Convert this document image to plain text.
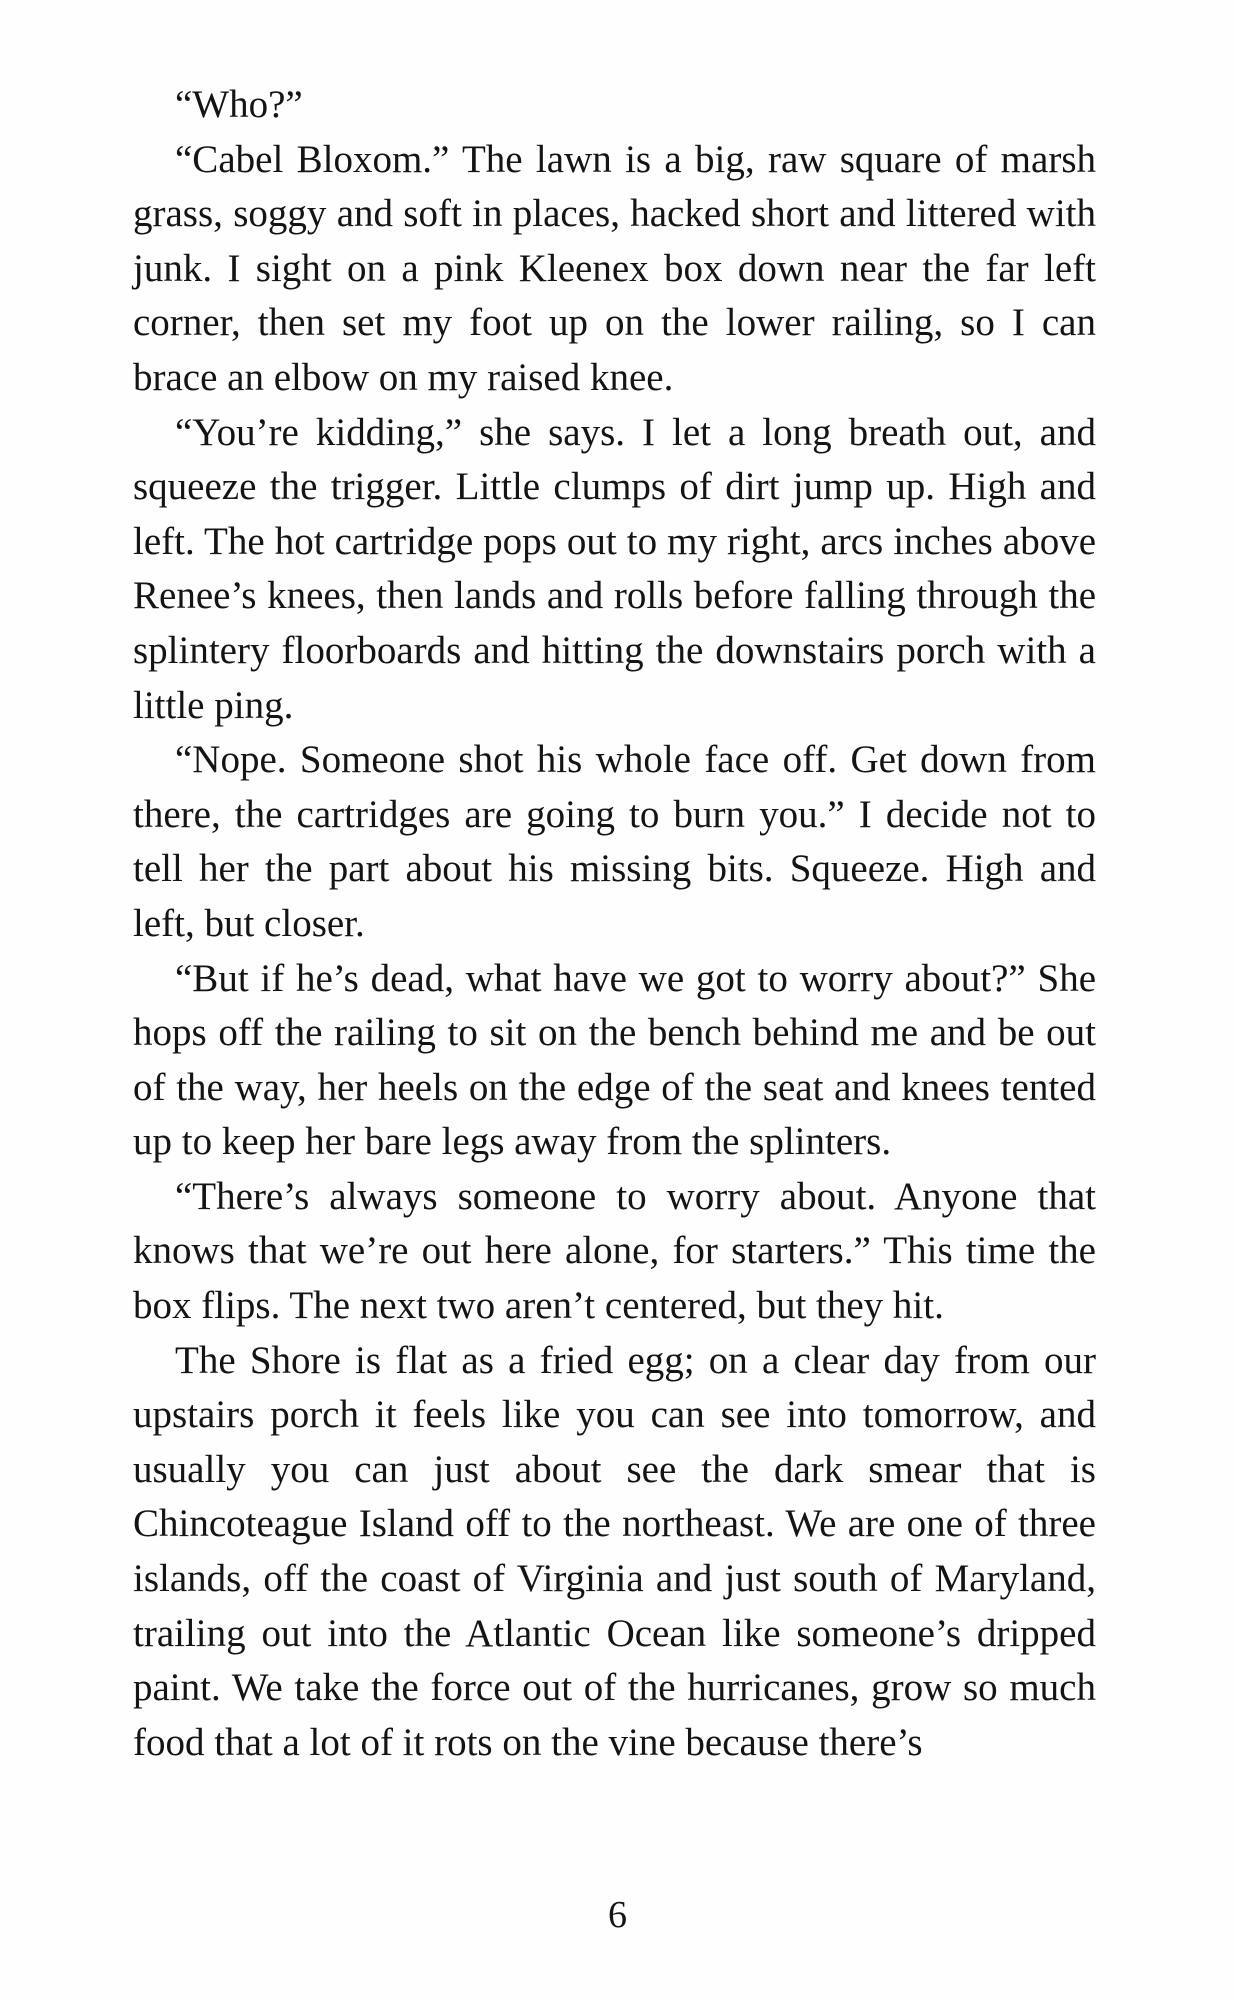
“Who?”

“Cabel Bloxom.” The lawn is a big, raw square of marsh grass, soggy and soft in places, hacked short and littered with junk. I sight on a pink Kleenex box down near the far left corner, then set my foot up on the lower railing, so I can brace an elbow on my raised knee.

“You’re kidding,” she says. I let a long breath out, and squeeze the trigger. Little clumps of dirt jump up. High and left. The hot cartridge pops out to my right, arcs inches above Renee’s knees, then lands and rolls before falling through the splintery floorboards and hitting the downstairs porch with a little ping.

“Nope. Someone shot his whole face off. Get down from there, the cartridges are going to burn you.” I decide not to tell her the part about his missing bits. Squeeze. High and left, but closer.

“But if he’s dead, what have we got to worry about?” She hops off the railing to sit on the bench behind me and be out of the way, her heels on the edge of the seat and knees tented up to keep her bare legs away from the splinters.

“There’s always someone to worry about. Anyone that knows that we’re out here alone, for starters.” This time the box flips. The next two aren’t centered, but they hit.

The Shore is flat as a fried egg; on a clear day from our upstairs porch it feels like you can see into tomorrow, and usually you can just about see the dark smear that is Chincoteague Island off to the northeast. We are one of three islands, off the coast of Virginia and just south of Maryland, trailing out into the Atlantic Ocean like someone’s dripped paint. We take the force out of the hurricanes, grow so much food that a lot of it rots on the vine because there’s

6
